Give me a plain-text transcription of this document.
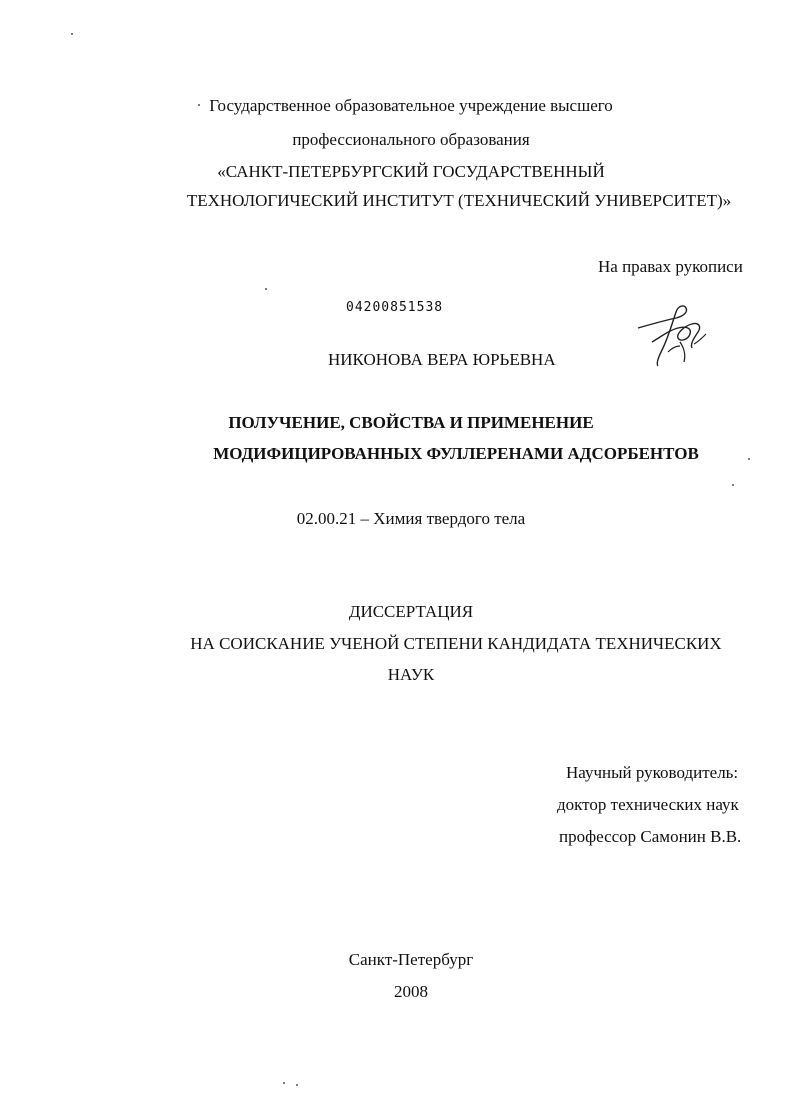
Государственное образовательное учреждение высшего
профессионального образования
«САНКТ-ПЕТЕРБУРГСКИЙ ГОСУДАРСТВЕННЫЙ
ТЕХНОЛОГИЧЕСКИЙ ИНСТИТУТ (ТЕХНИЧЕСКИЙ УНИВЕРСИТЕТ)»
На правах рукописи
04200851538
НИКОНОВА ВЕРА ЮРЬЕВНА
ПОЛУЧЕНИЕ, СВОЙСТВА И ПРИМЕНЕНИЕ
МОДИФИЦИРОВАННЫХ ФУЛЛЕРЕНАМИ АДСОРБЕНТОВ
02.00.21 – Химия твердого тела
ДИССЕРТАЦИЯ
НА СОИСКАНИЕ УЧЕНОЙ СТЕПЕНИ КАНДИДАТА ТЕХНИЧЕСКИХ
НАУК
Научный руководитель:
доктор технических наук
профессор Самонин В.В.
Санкт-Петербург
2008
